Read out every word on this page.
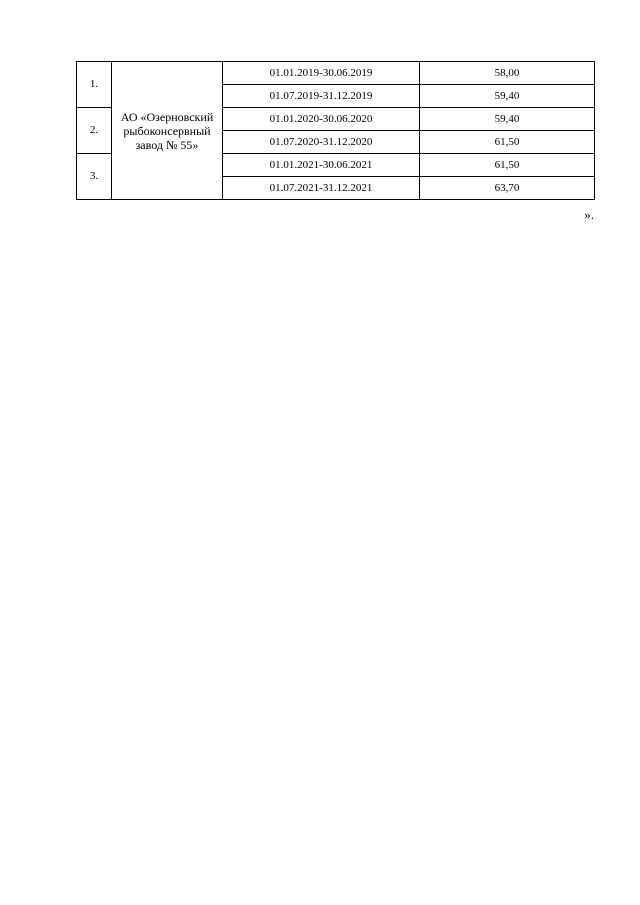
1.	АО «Озерновский рыбоконсервный завод № 55»	01.01.2019-30.06.2019	58,00
		01.07.2019-31.12.2019	59,40
2.		01.01.2020-30.06.2020	59,40
		01.07.2020-31.12.2020	61,50
3.		01.01.2021-30.06.2021	61,50
		01.07.2021-31.12.2021	63,70
».
